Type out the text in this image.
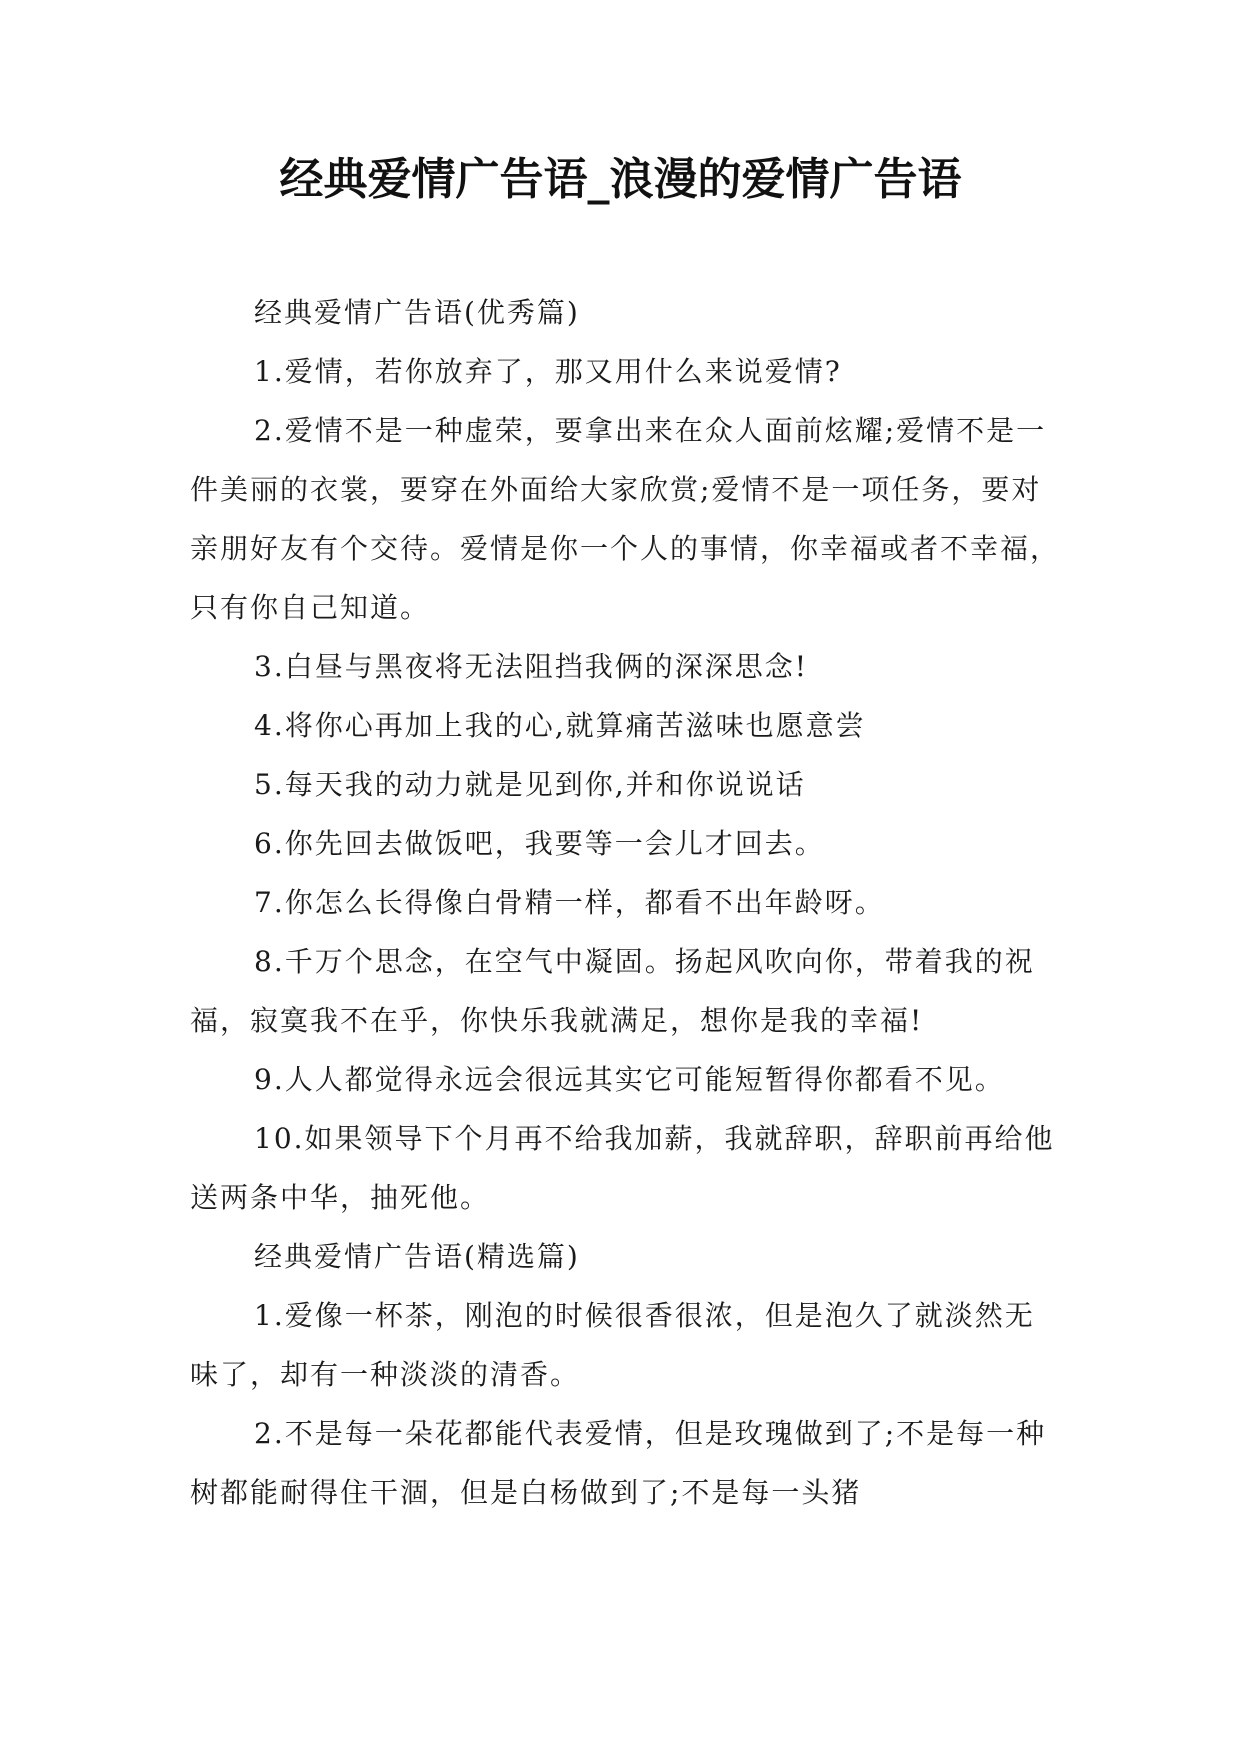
经典爱情广告语_浪漫的爱情广告语

经典爱情广告语(优秀篇)

1.爱情，若你放弃了，那又用什么来说爱情?

2.爱情不是一种虚荣，要拿出来在众人面前炫耀;爱情不是一件美丽的衣裳，要穿在外面给大家欣赏;爱情不是一项任务，要对亲朋好友有个交待。爱情是你一个人的事情，你幸福或者不幸福，只有你自己知道。

3.白昼与黑夜将无法阻挡我俩的深深思念!

4.将你心再加上我的心,就算痛苦滋味也愿意尝

5.每天我的动力就是见到你,并和你说说话

6.你先回去做饭吧，我要等一会儿才回去。

7.你怎么长得像白骨精一样，都看不出年龄呀。

8.千万个思念，在空气中凝固。扬起风吹向你，带着我的祝福，寂寞我不在乎，你快乐我就满足，想你是我的幸福!

9.人人都觉得永远会很远其实它可能短暂得你都看不见。

10.如果领导下个月再不给我加薪，我就辞职，辞职前再给他送两条中华，抽死他。

经典爱情广告语(精选篇)

1.爱像一杯茶，刚泡的时候很香很浓，但是泡久了就淡然无味了，却有一种淡淡的清香。

2.不是每一朵花都能代表爱情，但是玫瑰做到了;不是每一种树都能耐得住干涸，但是白杨做到了;不是每一头猪
